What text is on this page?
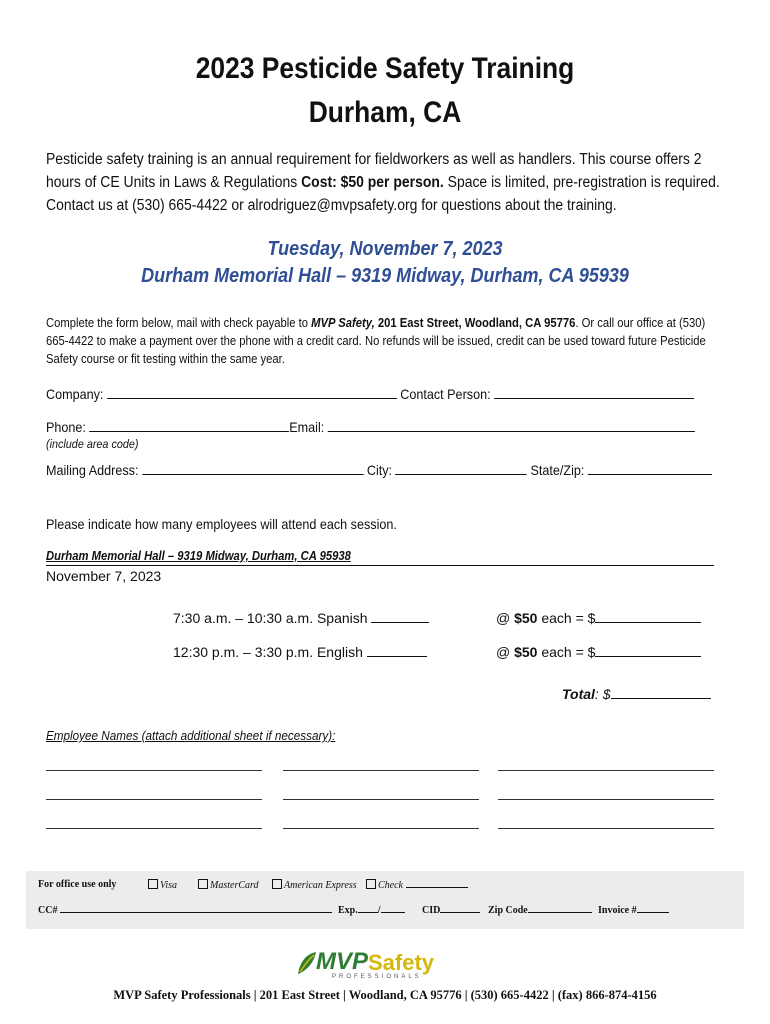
2023 Pesticide Safety Training
Durham, CA
Pesticide safety training is an annual requirement for fieldworkers as well as handlers. This course offers 2 hours of CE Units in Laws & Regulations Cost: $50 per person. Space is limited, pre-registration is required. Contact us at (530) 665-4422 or alrodriguez@mvpsafety.org for questions about the training.
Tuesday, November 7, 2023
Durham Memorial Hall – 9319 Midway, Durham, CA 95939
Complete the form below, mail with check payable to MVP Safety, 201 East Street, Woodland, CA 95776. Or call our office at (530) 665-4422 to make a payment over the phone with a credit card. No refunds will be issued, credit can be used toward future Pesticide Safety course or fit testing within the same year.
Company:	Contact Person:
Phone:	Email:
(include area code)
Mailing Address:	City:	State/Zip:
Please indicate how many employees will attend each session.
Durham Memorial Hall – 9319 Midway, Durham, CA 95938
November 7, 2023
7:30 a.m. – 10:30 a.m. Spanish	@ $50 each = $
12:30 p.m. – 3:30 p.m. English	@ $50 each = $
Total: $
Employee Names (attach additional sheet if necessary):
For office use only	Visa	MasterCard	American Express	Check
CC#	Exp. /	CID	Zip Code	Invoice #
MVP Safety
PROFESSIONALS
MVP Safety Professionals | 201 East Street | Woodland, CA 95776 | (530) 665-4422 | (fax) 866-874-4156
